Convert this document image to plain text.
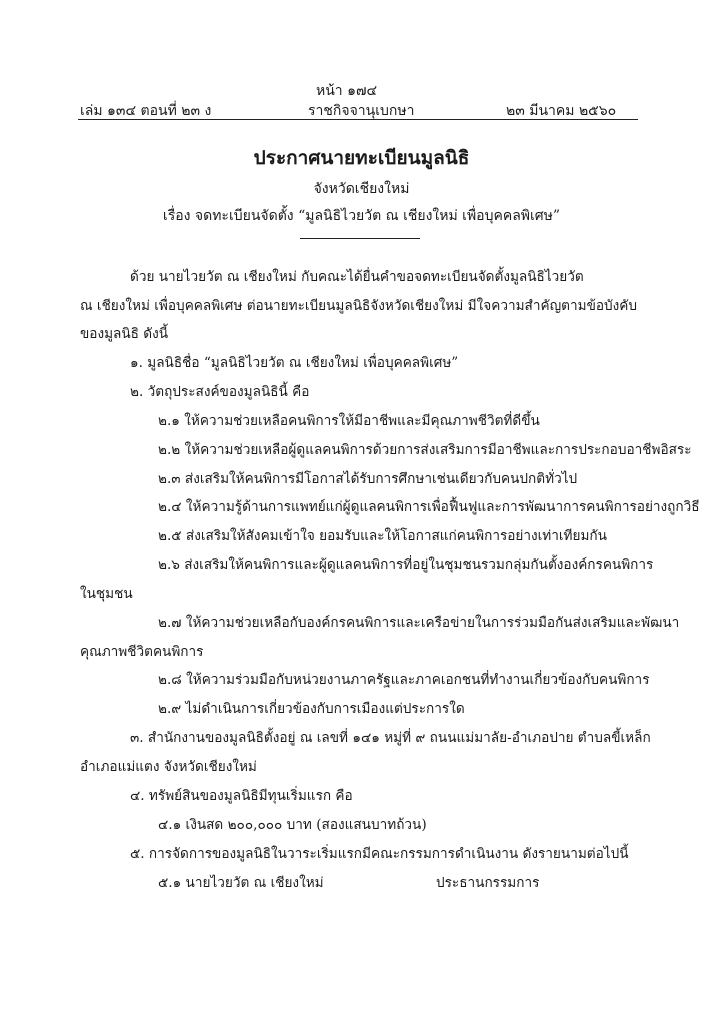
หน้า ๑๗๔
เล่ม ๑๓๔ ตอนที่ ๒๓ ง	ราชกิจจานุเบกษา	๒๓ มีนาคม ๒๕๖๐
ประกาศนายทะเบียนมูลนิธิ
จังหวัดเชียงใหม่
เรื่อง จดทะเบียนจัดตั้ง “มูลนิธิไวยวัต ณ เชียงใหม่ เพื่อบุคคลพิเศษ”
ด้วย นายไวยวัต ณ เชียงใหม่ กับคณะได้ยื่นคำขอจดทะเบียนจัดตั้งมูลนิธิไวยวัต
ณ เชียงใหม่ เพื่อบุคคลพิเศษ ต่อนายทะเบียนมูลนิธิจังหวัดเชียงใหม่ มีใจความสำคัญตามข้อบังคับ
ของมูลนิธิ ดังนี้
๑. มูลนิธิชื่อ “มูลนิธิไวยวัต ณ เชียงใหม่ เพื่อบุคคลพิเศษ”
๒. วัตถุประสงค์ของมูลนิธินี้ คือ
๒.๑ ให้ความช่วยเหลือคนพิการให้มีอาชีพและมีคุณภาพชีวิตที่ดีขึ้น
๒.๒ ให้ความช่วยเหลือผู้ดูแลคนพิการด้วยการส่งเสริมการมีอาชีพและการประกอบอาชีพอิสระ
๒.๓ ส่งเสริมให้คนพิการมีโอกาสได้รับการศึกษาเช่นเดียวกับคนปกติทั่วไป
๒.๔ ให้ความรู้ด้านการแพทย์แก่ผู้ดูแลคนพิการเพื่อฟื้นฟูและการพัฒนาการคนพิการอย่างถูกวิธี
๒.๕ ส่งเสริมให้สังคมเข้าใจ ยอมรับและให้โอกาสแก่คนพิการอย่างเท่าเทียมกัน
๒.๖ ส่งเสริมให้คนพิการและผู้ดูแลคนพิการที่อยู่ในชุมชนรวมกลุ่มกันตั้งองค์กรคนพิการ
ในชุมชน
๒.๗ ให้ความช่วยเหลือกับองค์กรคนพิการและเครือข่ายในการร่วมมือกันส่งเสริมและพัฒนา
คุณภาพชีวิตคนพิการ
๒.๘ ให้ความร่วมมือกับหน่วยงานภาครัฐและภาคเอกชนที่ทำงานเกี่ยวข้องกับคนพิการ
๒.๙ ไม่ดำเนินการเกี่ยวข้องกับการเมืองแต่ประการใด
๓. สำนักงานของมูลนิธิตั้งอยู่ ณ เลขที่ ๑๔๑ หมู่ที่ ๙ ถนนแม่มาลัย-อำเภอปาย ตำบลขี้เหล็ก
อำเภอแม่แตง จังหวัดเชียงใหม่
๔. ทรัพย์สินของมูลนิธิมีทุนเริ่มแรก คือ
๔.๑ เงินสด ๒๐๐,๐๐๐ บาท (สองแสนบาทถ้วน)
๕. การจัดการของมูลนิธิในวาระเริ่มแรกมีคณะกรรมการดำเนินงาน ดังรายนามต่อไปนี้
๕.๑ นายไวยวัต ณ เชียงใหม่	ประธานกรรมการ
